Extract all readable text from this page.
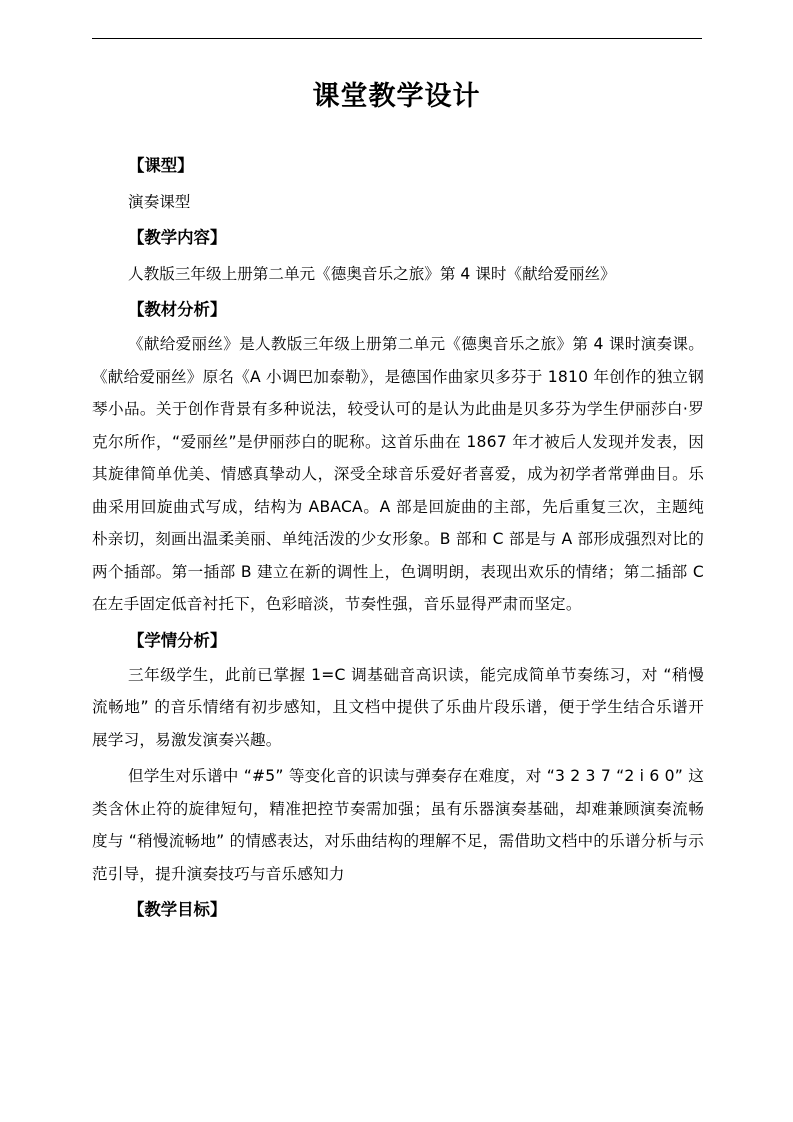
课堂教学设计

【课型】

演奏课型

【教学内容】

人教版三年级上册第二单元《德奥音乐之旅》第 4 课时《献给爱丽丝》

【教材分析】

《献给爱丽丝》是人教版三年级上册第二单元《德奥音乐之旅》第 4 课时演奏课。《献给爱丽丝》原名《A 小调巴加泰勒》，是德国作曲家贝多芬于 1810 年创作的独立钢琴小品。关于创作背景有多种说法，较受认可的是认为此曲是贝多芬为学生伊丽莎白·罗克尔所作，“爱丽丝”是伊丽莎白的昵称。这首乐曲在 1867 年才被后人发现并发表，因其旋律简单优美、情感真挚动人，深受全球音乐爱好者喜爱，成为初学者常弹曲目。乐曲采用回旋曲式写成，结构为 ABACA。A 部是回旋曲的主部，先后重复三次，主题纯朴亲切，刻画出温柔美丽、单纯活泼的少女形象。B 部和 C 部是与 A 部形成强烈对比的两个插部。第一插部 B 建立在新的调性上，色调明朗，表现出欢乐的情绪；第二插部 C 在左手固定低音衬托下，色彩暗淡，节奏性强，音乐显得严肃而坚定。

【学情分析】

三年级学生，此前已掌握 1=C 调基础音高识读，能完成简单节奏练习，对 “稍慢流畅地” 的音乐情绪有初步感知，且文档中提供了乐曲片段乐谱，便于学生结合乐谱开展学习，易激发演奏兴趣。

但学生对乐谱中 “#5” 等变化音的识读与弹奏存在难度，对 “3 2 3 7 “2 i 6 0” 这类含休止符的旋律短句，精准把控节奏需加强；虽有乐器演奏基础，却难兼顾演奏流畅度与 “稍慢流畅地” 的情感表达，对乐曲结构的理解不足，需借助文档中的乐谱分析与示范引导，提升演奏技巧与音乐感知力

【教学目标】
